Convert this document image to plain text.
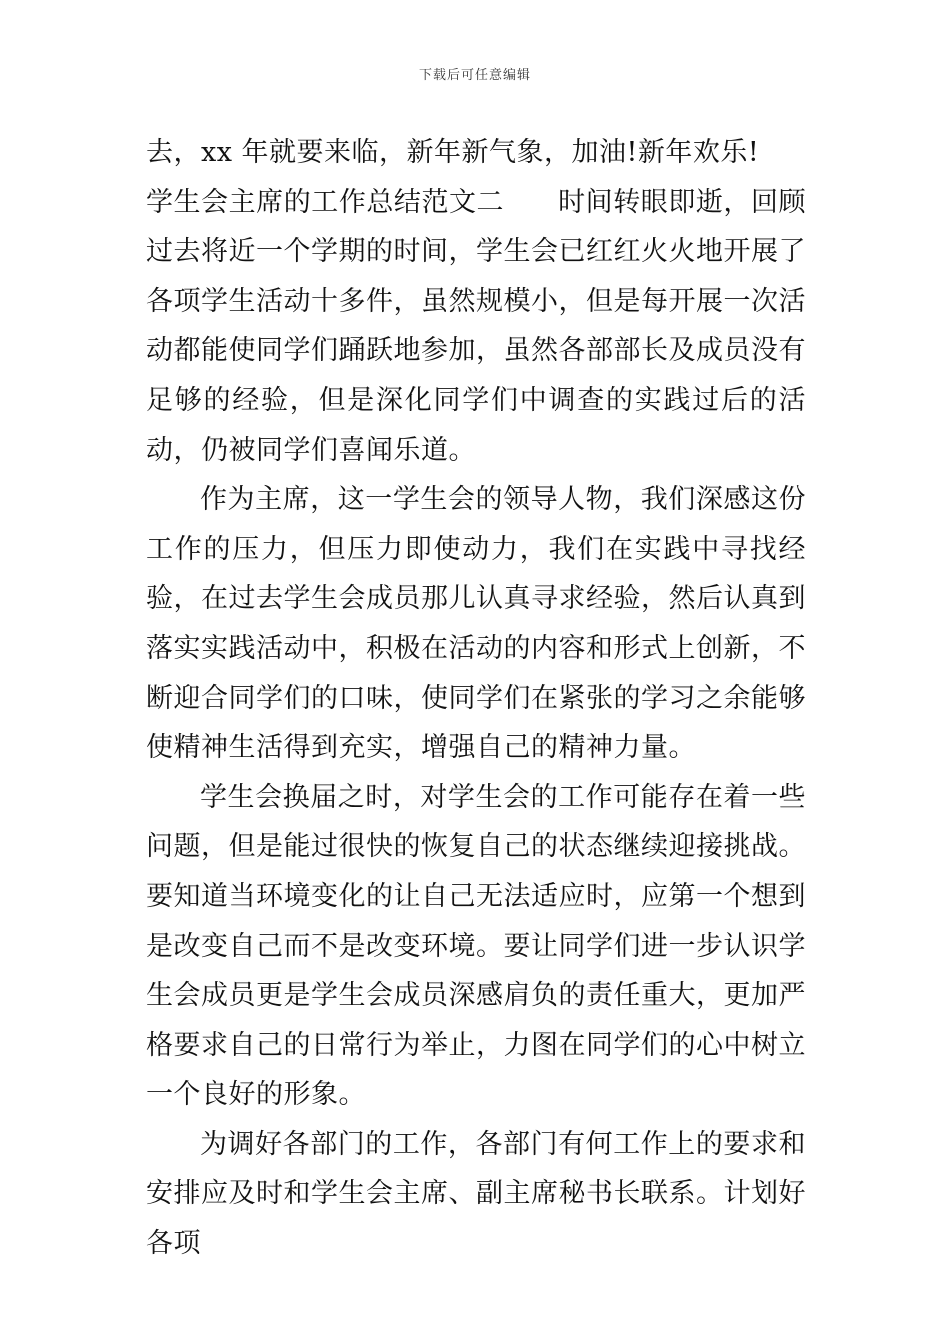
下载后可任意编辑

去，xx 年就要来临，新年新气象，加油!新年欢乐!

学生会主席的工作总结范文二 时间转眼即逝，回顾过去将近一个学期的时间，学生会已红红火火地开展了各项学生活动十多件，虽然规模小，但是每开展一次活动都能使同学们踊跃地参加，虽然各部部长及成员没有足够的经验，但是深化同学们中调查的实践过后的活动，仍被同学们喜闻乐道。

作为主席，这一学生会的领导人物，我们深感这份工作的压力，但压力即使动力，我们在实践中寻找经验，在过去学生会成员那儿认真寻求经验，然后认真到落实实践活动中，积极在活动的内容和形式上创新，不断迎合同学们的口味，使同学们在紧张的学习之余能够使精神生活得到充实，增强自己的精神力量。

学生会换届之时，对学生会的工作可能存在着一些问题，但是能过很快的恢复自己的状态继续迎接挑战。要知道当环境变化的让自己无法适应时，应第一个想到是改变自己而不是改变环境。要让同学们进一步认识学生会成员更是学生会成员深感肩负的责任重大，更加严格要求自己的日常行为举止，力图在同学们的心中树立一个良好的形象。

为调好各部门的工作，各部门有何工作上的要求和安排应及时和学生会主席、副主席秘书长联系。计划好各项
